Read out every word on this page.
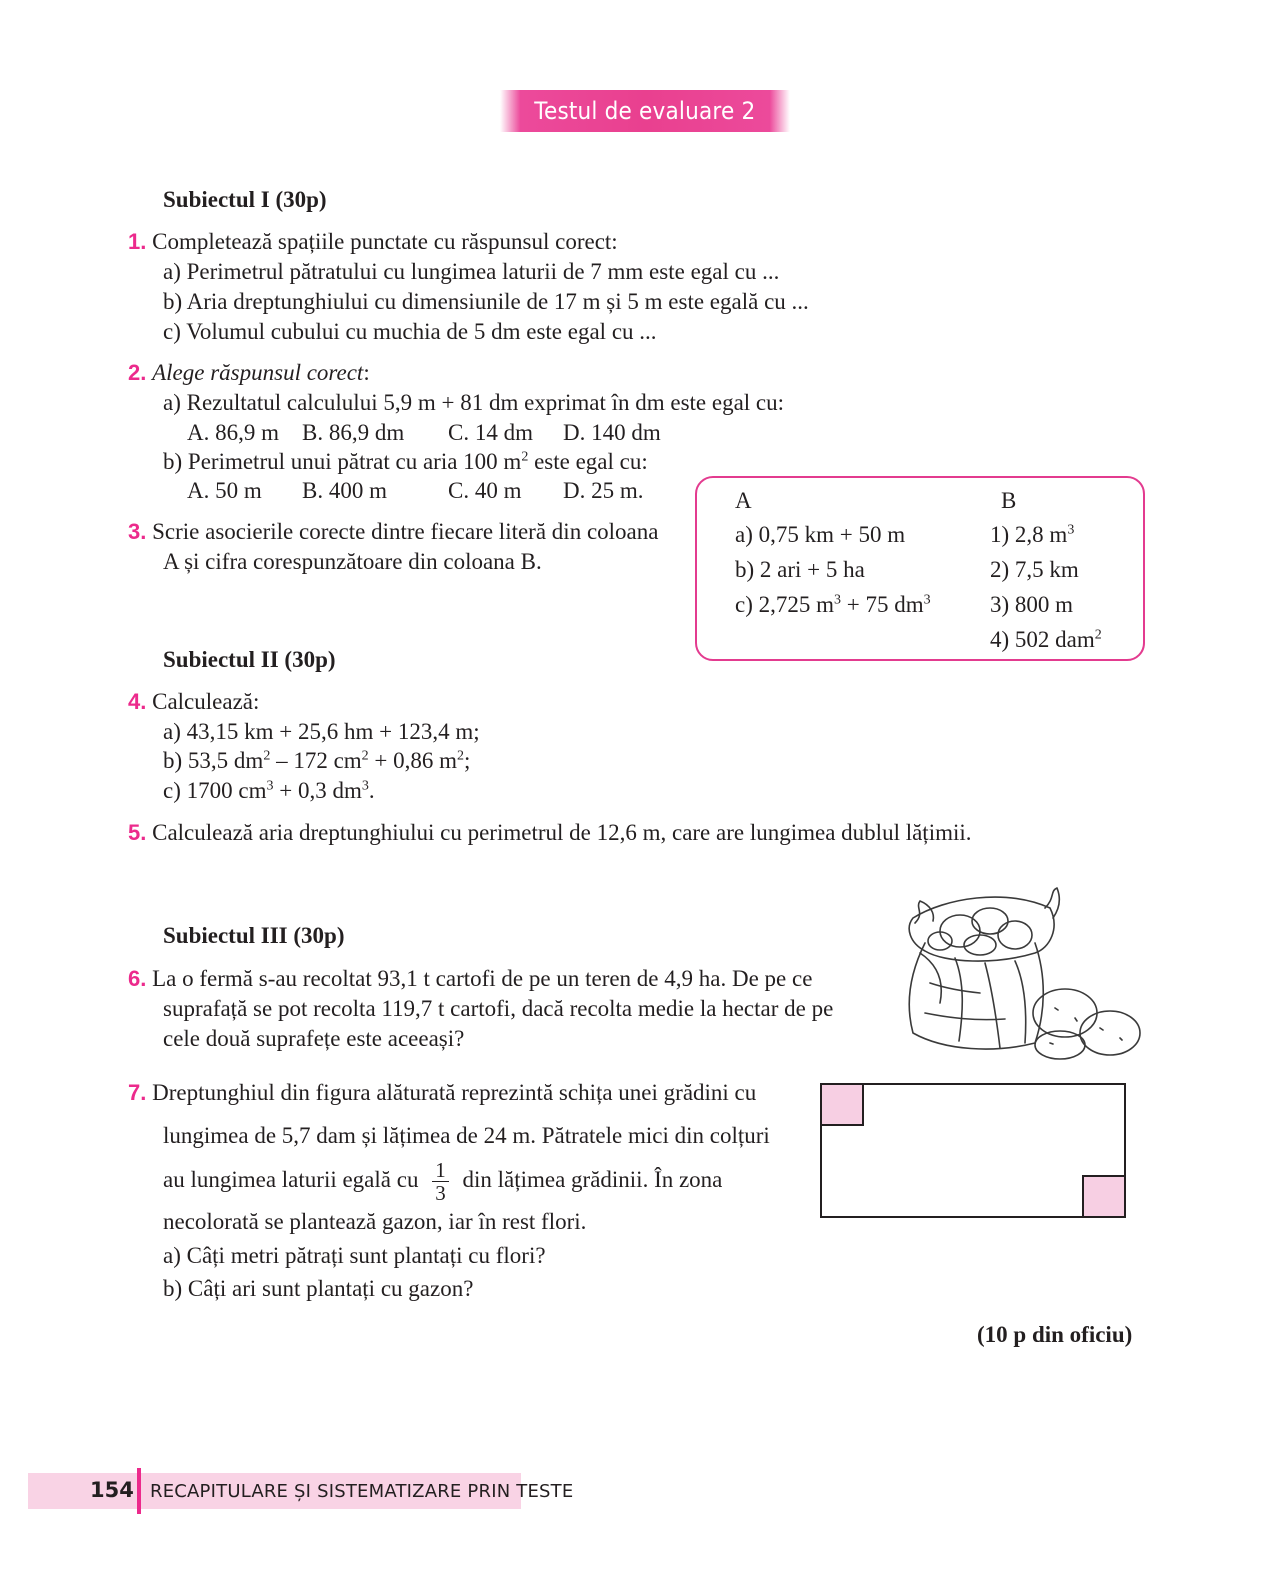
Testul de evaluare 2
Subiectul I (30p)
1. Completează spațiile punctate cu răspunsul corect:
a) Perimetrul pătratului cu lungimea laturii de 7 mm este egal cu ...
b) Aria dreptunghiului cu dimensiunile de 17 m și 5 m este egală cu ...
c) Volumul cubului cu muchia de 5 dm este egal cu ...
2. Alege răspunsul corect:
a) Rezultatul calculului 5,9 m + 81 dm exprimat în dm este egal cu:
A. 86,9 m B. 86,9 dm C. 14 dm D. 140 dm
b) Perimetrul unui pătrat cu aria 100 $m^2$ este egal cu:
A. 50 m B. 400 m	C. 40 m D. 25 m.
3. Scrie asocierile corecte dintre fiecare literă din coloana
A și cifra corespunzătoare din coloana B.
A	B
a) 0,75 km + 50 m
b) 2 ari + 5 ha
c) 2,725 $m^3 + 75$ $dm^3$
1) 2,8 $m^3$
2) 7,5 km
3) 800 m
4) 502 dam$^2$
Subiectul II (30p)
4. Calculează:
a) 43,15 km + 25,6 hm + 123,4 m;
b) 53,5 $dm^2 - 172$ $cm^2 + 0,86$ $m^2$;
c) 1700 $cm^3 + 0,3$ $dm^3$.
5. Calculează aria dreptunghiului cu perimetrul de 12,6 m, care are lungimea dublul lățimii.
Subiectul III (30p)
6. La o fermă s-au recoltat 93,1 t cartofi de pe un teren de 4,9 ha. De pe ce
suprafață se pot recolta 119,7 t cartofi, dacă recolta medie la hectar de pe
cele două suprafețe este aceeași?
7. Dreptunghiul din figura alăturată reprezintă schița unei grădini cu
lungimea de 5,7 dam și lățimea de 24 m. Pătratele mici din colțuri
au lungimea laturii egală cu $\frac{1}{3}$ din lățimea grădinii. În zona
necolorată se plantează gazon, iar în rest flori.
a) Câți metri pătrați sunt plantați cu flori?
b) Câți ari sunt plantați cu gazon?
(10 p din oficiu)
154 RECAPITULARE ȘI SISTEMATIZARE PRIN TESTE
